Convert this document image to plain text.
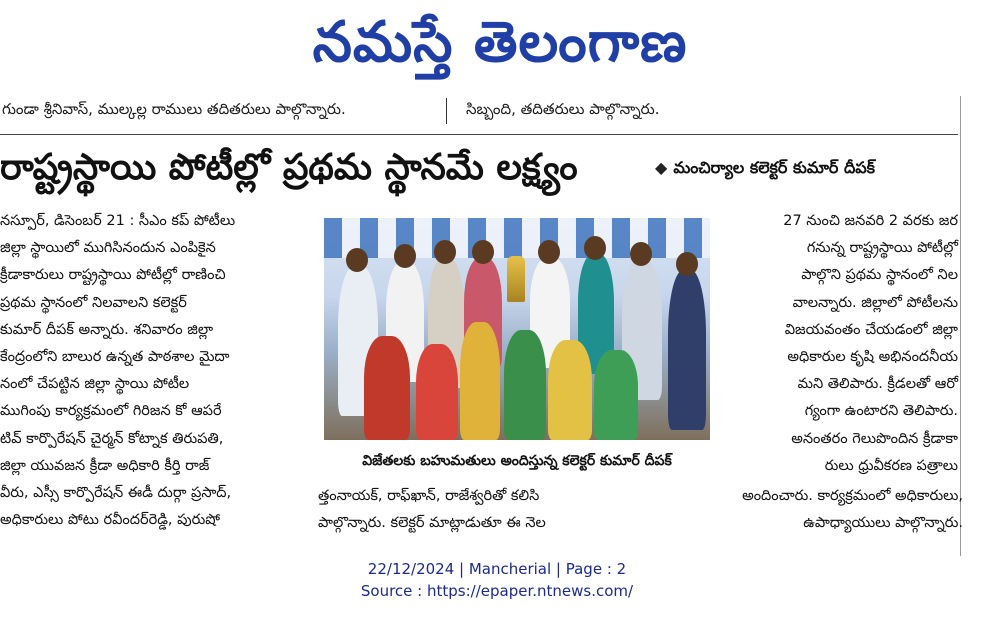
నమస్తే తెలంగాణ
గుండా శ్రీనివాస్, ముల్కల్ల రాములు తదితరులు పాల్గొన్నారు.	సిబ్బంది, తదితరులు పాల్గొన్నారు.
రాష్ట్రస్థాయి పోటీల్లో ప్రథమ స్థానమే లక్ష్యం	◆ మంచిర్యాల కలెక్టర్ కుమార్ దీపక్
నస్పూర్, డిసెంబర్ 21 : సీఎం కప్ పోటీలు
జిల్లా స్థాయిలో ముగిసినందున ఎంపికైన
క్రీడాకారులు రాష్ట్రస్థాయి పోటీల్లో రాణించి
ప్రథమ స్థానంలో నిలవాలని కలెక్టర్
కుమార్ దీపక్ అన్నారు. శనివారం జిల్లా
కేంద్రంలోని బాలుర ఉన్నత పాఠశాల మైదా
నంలో చేపట్టిన జిల్లా స్థాయి పోటీల
ముగింపు కార్యక్రమంలో గిరిజన కో ఆపరే
టివ్ కార్పొరేషన్ చైర్మన్ కోట్నాక తిరుపతి,
జిల్లా యువజన క్రీడా అధికారి కీర్తి రాజ్
వీరు, ఎస్సీ కార్పొరేషన్ ఈడీ దుర్గా ప్రసాద్,
అధికారులు పోటు రవీందర్‌రెడ్డి, పురుషో
విజేతలకు బహుమతులు అందిస్తున్న కలెక్టర్ కుమార్ దీపక్
27 నుంచి జనవరి 2 వరకు జర
గనున్న రాష్ట్రస్థాయి పోటీల్లో
పాల్గొని ప్రథమ స్థానంలో నిల
వాలన్నారు. జిల్లాలో పోటీలను
విజయవంతం చేయడంలో జిల్లా
అధికారుల కృషి అభినందనీయ
మని తెలిపారు. క్రీడలతో ఆరో
గ్యంగా ఉంటారని తెలిపారు.
అనంతరం గెలుపొందిన క్రీడాకా
రులు ధ్రువీకరణ పత్రాలు
త్తంనాయక్, రాఫ్‌ఖాన్, రాజేశ్వరితో కలిసి
పాల్గొన్నారు. కలెక్టర్ మాట్లాడుతూ ఈ నెల
అందించారు. కార్యక్రమంలో అధికారులు,
ఉపాధ్యాయులు పాల్గొన్నారు.
22/12/2024 | Mancherial | Page : 2
Source : https://epaper.ntnews.com/
